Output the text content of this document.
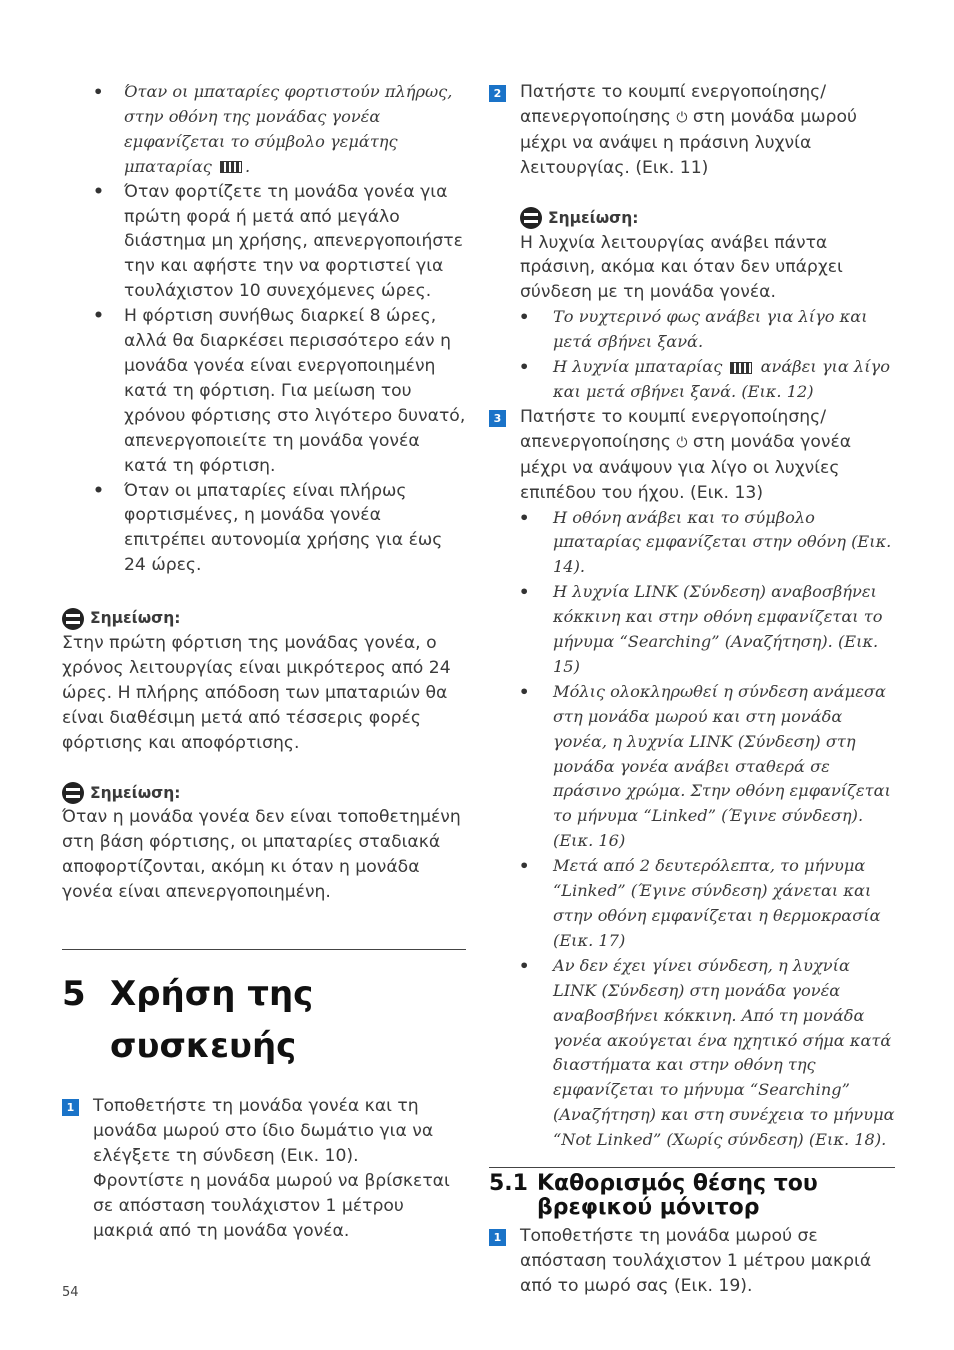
• Όταν οι μπαταρίες φορτιστούν πλήρως, στην οθόνη της μονάδας γονέα εμφανίζεται το σύμβολο γεμάτης μπαταρίας .
• Όταν φορτίζετε τη μονάδα γονέα για πρώτη φορά ή μετά από μεγάλο διάστημα μη χρήσης, απενεργοποιήστε την και αφήστε την να φορτιστεί για τουλάχιστον 10 συνεχόμενες ώρες.
• Η φόρτιση συνήθως διαρκεί 8 ώρες, αλλά θα διαρκέσει περισσότερο εάν η μονάδα γονέα είναι ενεργοποιημένη κατά τη φόρτιση. Για μείωση του χρόνου φόρτισης στο λιγότερο δυνατό, απενεργοποιείτε τη μονάδα γονέα κατά τη φόρτιση.
• Όταν οι μπαταρίες είναι πλήρως φορτισμένες, η μονάδα γονέα επιτρέπει αυτονομία χρήσης για έως 24 ώρες.
Σημείωση:

Στην πρώτη φόρτιση της μονάδας γονέα, ο χρόνος λειτουργίας είναι μικρότερος από 24 ώρες. Η πλήρης απόδοση των μπαταριών θα είναι διαθέσιμη μετά από τέσσερις φορές φόρτισης και αποφόρτισης.

Σημείωση:

Όταν η μονάδα γονέα δεν είναι τοποθετημένη στη βάση φόρτισης, οι μπαταρίες σταδιακά αποφορτίζονται, ακόμη κι όταν η μονάδα γονέα είναι απενεργοποιημένη.

5 Χρήση της συσκευής
1 Τοποθετήστε τη μονάδα γονέα και τη μονάδα μωρού στο ίδιο δωμάτιο για να ελέγξετε τη σύνδεση (Εικ. 10).
Φροντίστε η μονάδα μωρού να βρίσκεται σε απόσταση τουλάχιστον 1 μέτρου μακριά από τη μονάδα γονέα.
2 Πατήστε το κουμπί ενεργοποίησης/απενεργοποίησης ⏻ στη μονάδα μωρού μέχρι να ανάψει η πράσινη λυχνία λειτουργίας. (Εικ. 11)
Σημείωση:

Η λυχνία λειτουργίας ανάβει πάντα πράσινη, ακόμα και όταν δεν υπάρχει σύνδεση με τη μονάδα γονέα.

• Το νυχτερινό φως ανάβει για λίγο και μετά σβήνει ξανά.
• Η λυχνία μπαταρίας ανάβει για λίγο και μετά σβήνει ξανά. (Εικ. 12)
3 Πατήστε το κουμπί ενεργοποίησης/απενεργοποίησης ⏻ στη μονάδα γονέα μέχρι να ανάψουν για λίγο οι λυχνίες επιπέδου του ήχου. (Εικ. 13)
• Η οθόνη ανάβει και το σύμβολο μπαταρίας εμφανίζεται στην οθόνη (Εικ. 14).
• Η λυχνία LINK (Σύνδεση) αναβοσβήνει κόκκινη και στην οθόνη εμφανίζεται το μήνυμα “Searching” (Αναζήτηση). (Εικ. 15)
• Μόλις ολοκληρωθεί η σύνδεση ανάμεσα στη μονάδα μωρού και στη μονάδα γονέα, η λυχνία LINK (Σύνδεση) στη μονάδα γονέα ανάβει σταθερά σε πράσινο χρώμα. Στην οθόνη εμφανίζεται το μήνυμα “Linked” (Έγινε σύνδεση). (Εικ. 16)
• Μετά από 2 δευτερόλεπτα, το μήνυμα “Linked” (Έγινε σύνδεση) χάνεται και στην οθόνη εμφανίζεται η θερμοκρασία (Εικ. 17)
• Αν δεν έχει γίνει σύνδεση, η λυχνία LINK (Σύνδεση) στη μονάδα γονέα αναβοσβήνει κόκκινη. Από τη μονάδα γονέα ακούγεται ένα ηχητικό σήμα κατά διαστήματα και στην οθόνη της εμφανίζεται το μήνυμα “Searching” (Αναζήτηση) και στη συνέχεια το μήνυμα “Not Linked” (Χωρίς σύνδεση) (Εικ. 18).
5.1 Καθορισμός θέσης του βρεφικού μόνιτορ
1 Τοποθετήστε τη μονάδα μωρού σε απόσταση τουλάχιστον 1 μέτρου μακριά από το μωρό σας (Εικ. 19).
54
